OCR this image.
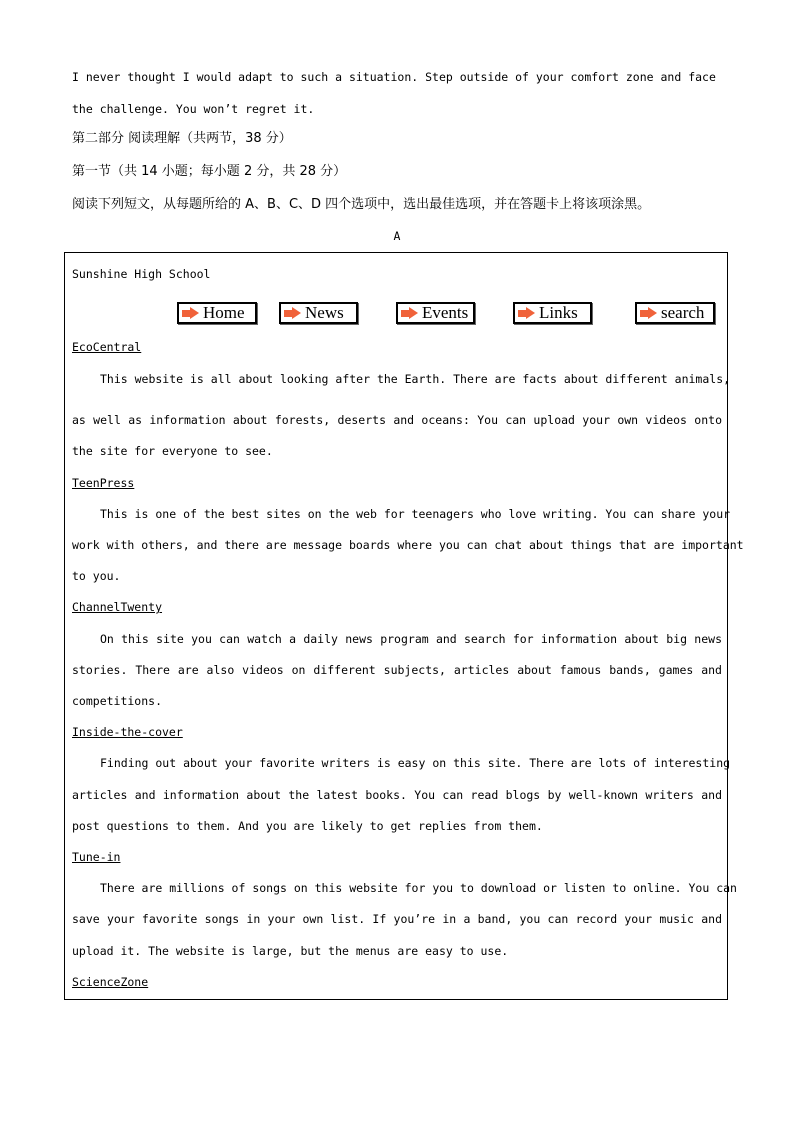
I never thought I would adapt to such a situation. Step outside of your comfort zone and face
the challenge. You won’t regret it.
第二部分 阅读理解（共两节，38 分）
第一节（共 14 小题；每小题 2 分，共 28 分）
阅读下列短文，从每题所给的 A、B、C、D 四个选项中，选出最佳选项，并在答题卡上将该项涂黑。
A
Sunshine High School
Home	News	Events	Links	search
EcoCentral

This website is all about looking after the Earth. There are facts about different animals,

as well as information about forests, deserts and oceans: You can upload your own videos onto

the site for everyone to see.

TeenPress

This is one of the best sites on the web for teenagers who love writing. You can share your

work with others, and there are message boards where you can chat about things that are important

to you.

ChannelTwenty

On this site you can watch a daily news program and search for information about big news

stories. There are also videos on different subjects, articles about famous bands, games and

competitions.

Inside-the-cover

Finding out about your favorite writers is easy on this site. There are lots of interesting

articles and information about the latest books. You can read blogs by well-known writers and

post questions to them. And you are likely to get replies from them.

Tune-in

There are millions of songs on this website for you to download or listen to online. You can

save your favorite songs in your own list. If you’re in a band, you can record your music and

upload it. The website is large, but the menus are easy to use.

ScienceZone
